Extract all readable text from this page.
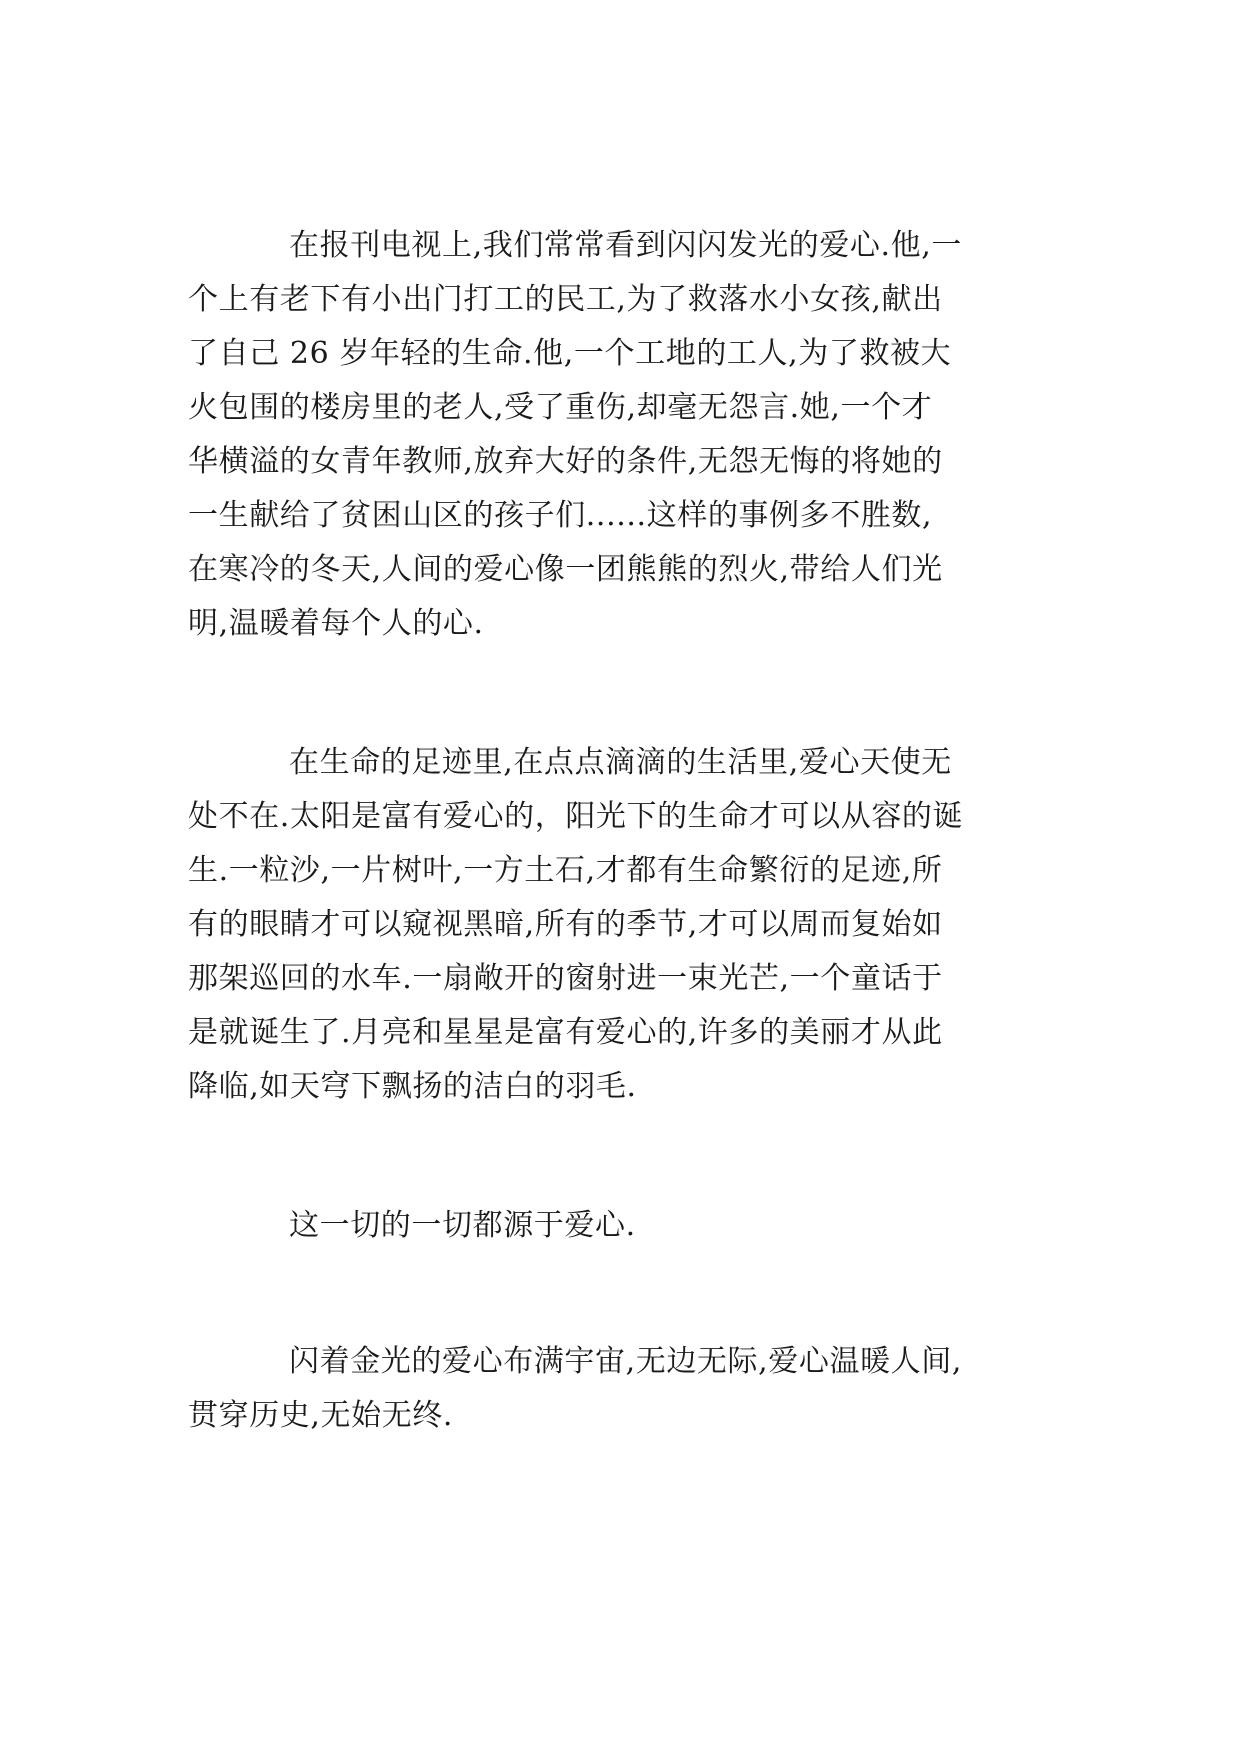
在报刊电视上,我们常常看到闪闪发光的爱心.他,一
个上有老下有小出门打工的民工,为了救落水小女孩,献出
了自己 26 岁年轻的生命.他,一个工地的工人,为了救被大
火包围的楼房里的老人,受了重伤,却毫无怨言.她,一个才
华横溢的女青年教师,放弃大好的条件,无怨无悔的将她的
一生献给了贫困山区的孩子们......这样的事例多不胜数,
在寒冷的冬天,人间的爱心像一团熊熊的烈火,带给人们光
明,温暖着每个人的心.
在生命的足迹里,在点点滴滴的生活里,爱心天使无
处不在.太阳是富有爱心的，阳光下的生命才可以从容的诞
生.一粒沙,一片树叶,一方土石,才都有生命繁衍的足迹,所
有的眼睛才可以窥视黑暗,所有的季节,才可以周而复始如
那架巡回的水车.一扇敞开的窗射进一束光芒,一个童话于
是就诞生了.月亮和星星是富有爱心的,许多的美丽才从此
降临,如天穹下飘扬的洁白的羽毛.
这一切的一切都源于爱心.
闪着金光的爱心布满宇宙,无边无际,爱心温暖人间,
贯穿历史,无始无终.
